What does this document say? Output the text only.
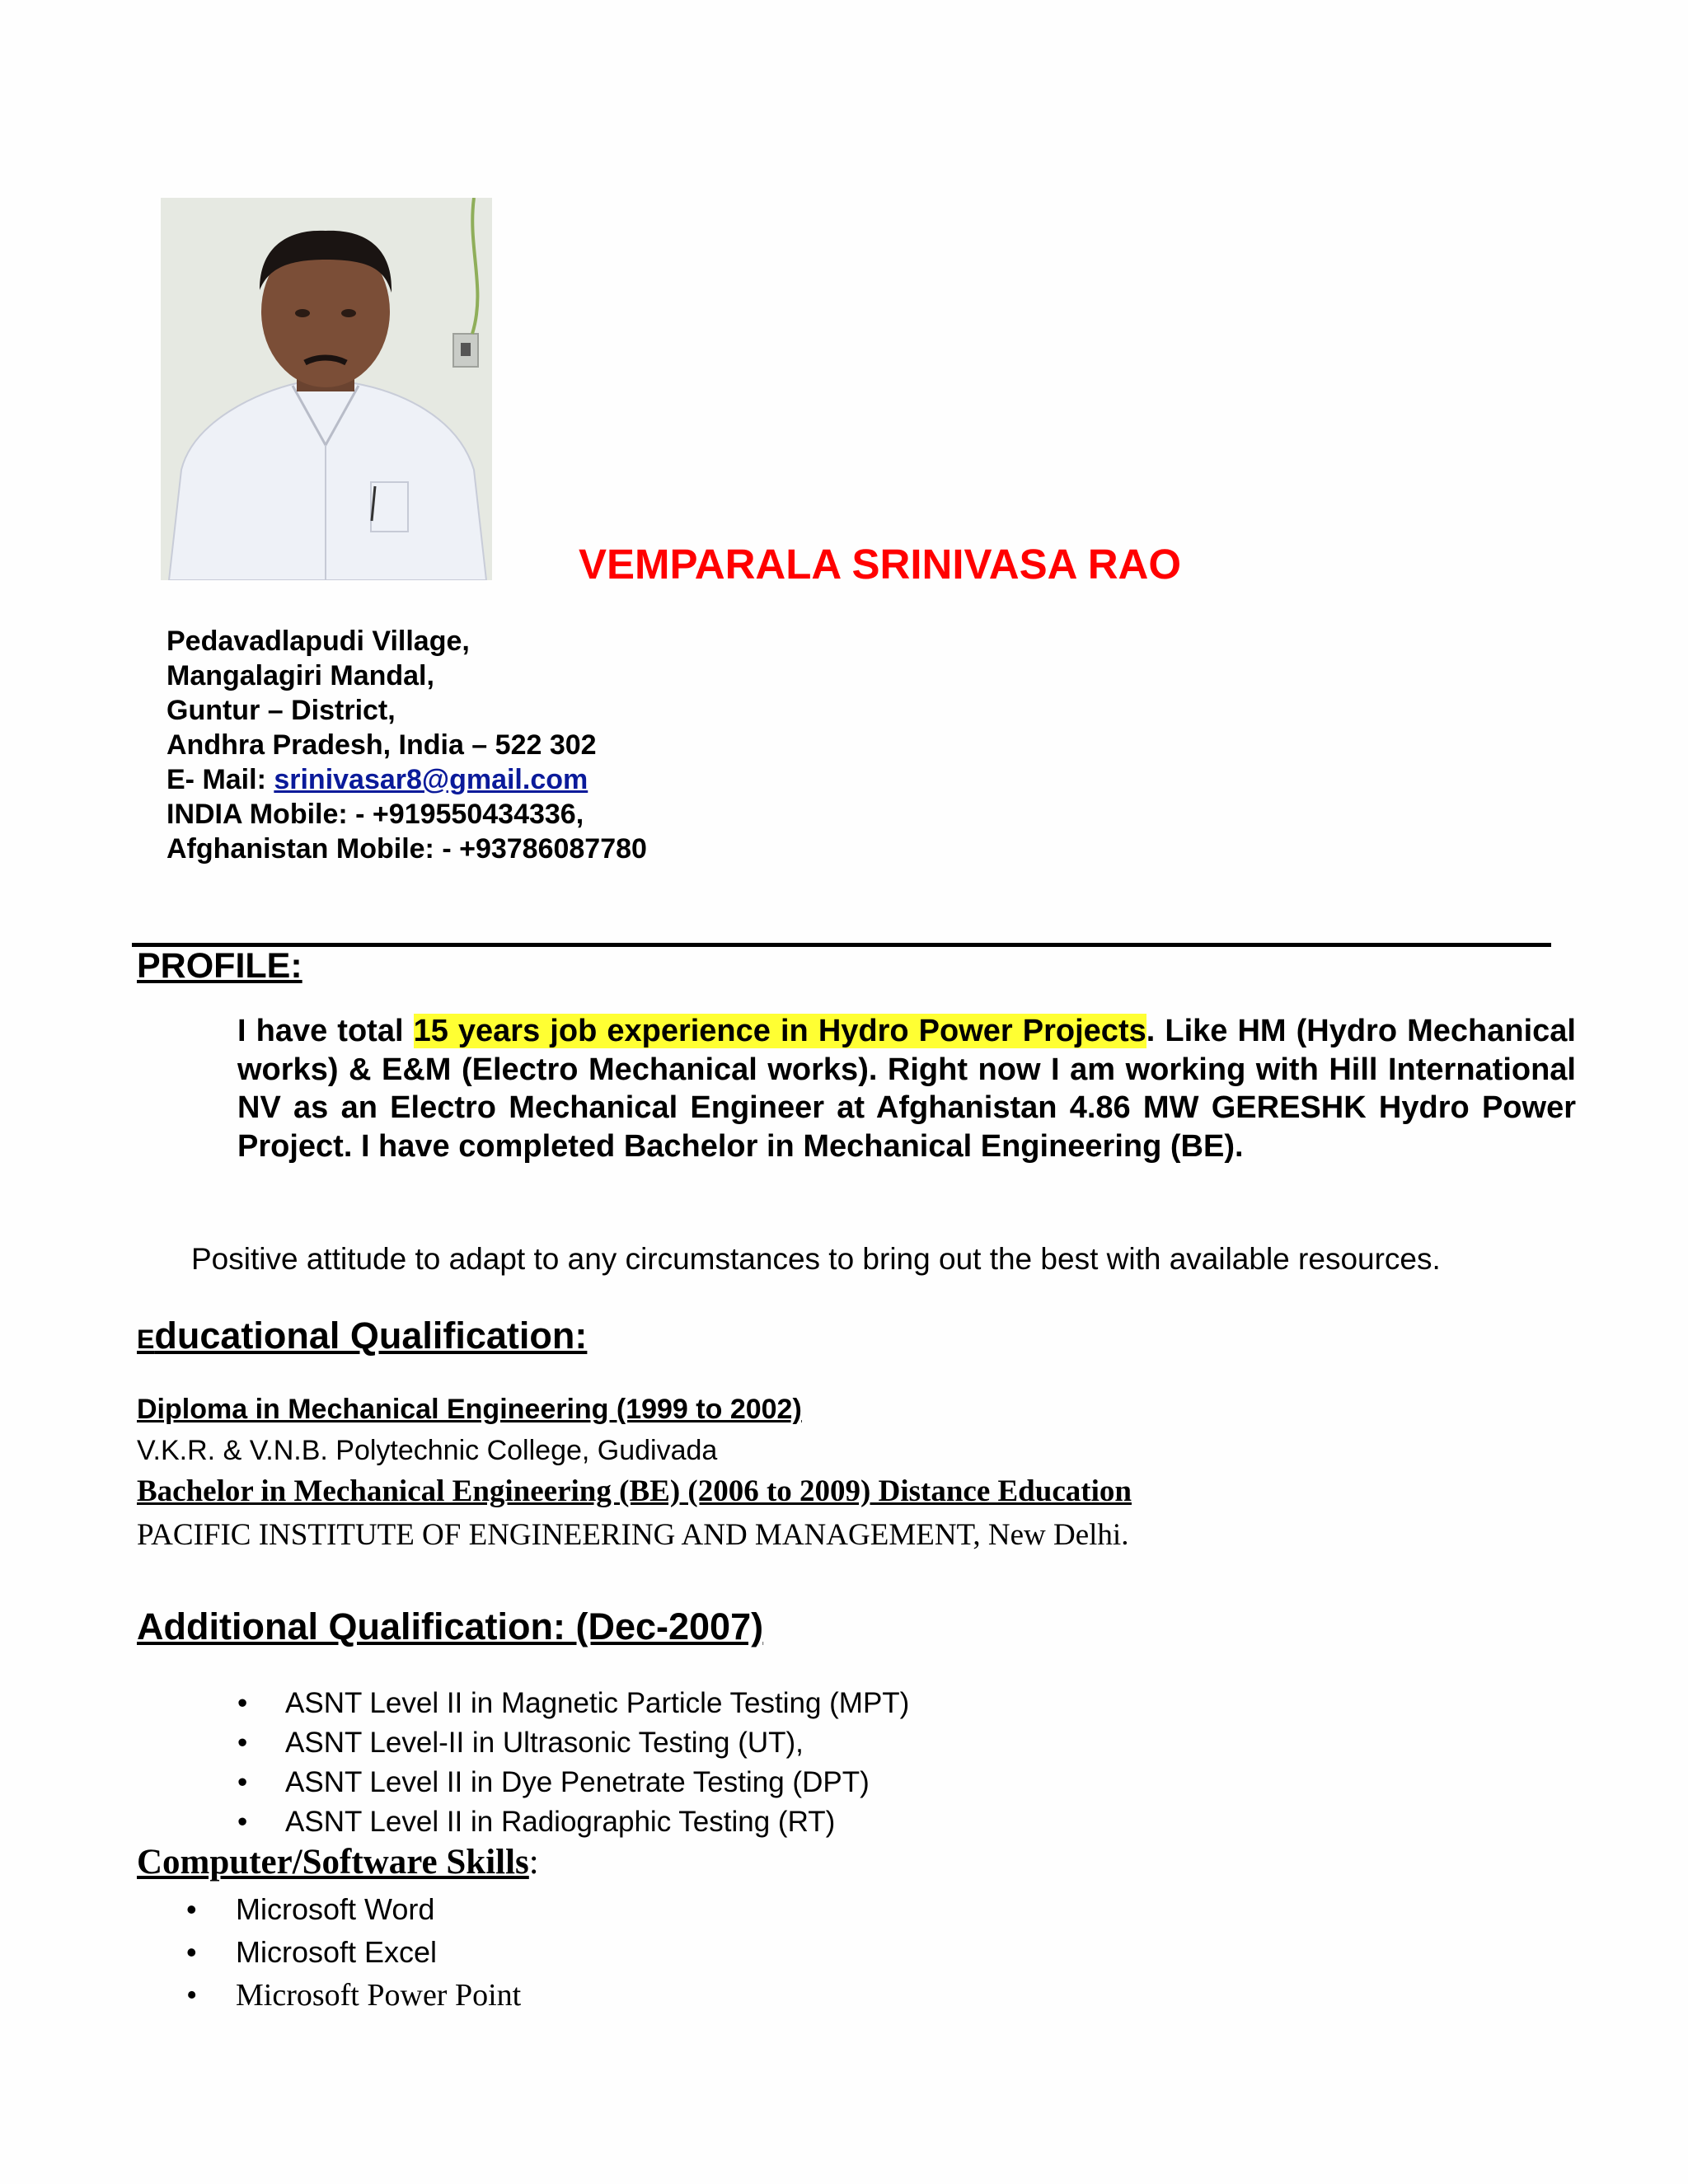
VEMPARALA SRINIVASA RAO
Pedavadlapudi Village,
Mangalagiri Mandal,
Guntur – District,
Andhra Pradesh, India – 522 302
E- Mail: srinivasar8@gmail.com
INDIA Mobile: - +919550434336,
Afghanistan Mobile: - +93786087780
PROFILE:
I have total 15 years job experience in Hydro Power Projects. Like HM (Hydro Mechanical works) & E&M (Electro Mechanical works). Right now I am working with Hill International NV as an Electro Mechanical Engineer at Afghanistan 4.86 MW GERESHK Hydro Power Project. I have completed Bachelor in Mechanical Engineering (BE).
Positive attitude to adapt to any circumstances to bring out the best with available resources.
Educational Qualification:
Diploma in Mechanical Engineering (1999 to 2002)
V.K.R. & V.N.B. Polytechnic College, Gudivada
Bachelor in Mechanical Engineering (BE) (2006 to 2009) Distance Education
PACIFIC INSTITUTE OF ENGINEERING AND MANAGEMENT, New Delhi.
Additional Qualification: (Dec-2007)
• ASNT Level II in Magnetic Particle Testing (MPT)
• ASNT Level-II in Ultrasonic Testing (UT),
• ASNT Level II in Dye Penetrate Testing (DPT)
• ASNT Level II in Radiographic Testing (RT)
Computer/Software Skills:
• Microsoft Word
• Microsoft Excel
• Microsoft Power Point
